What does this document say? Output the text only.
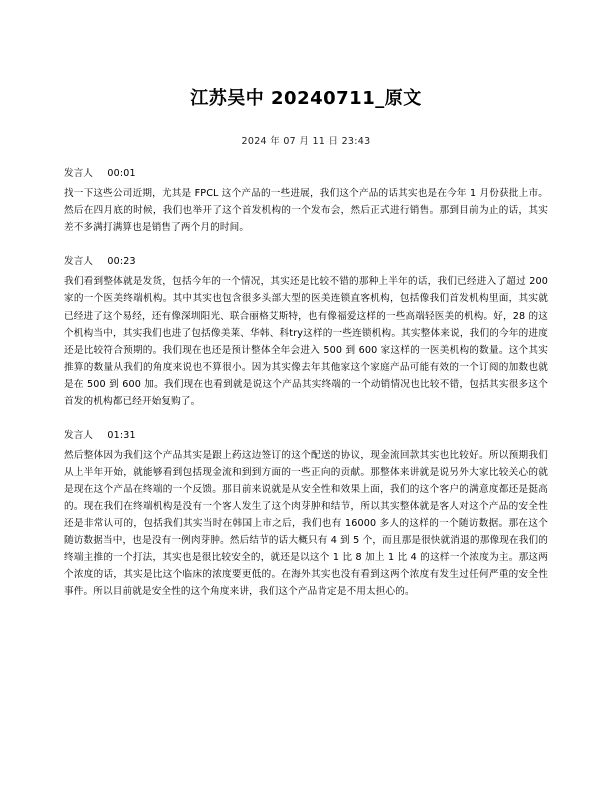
江苏吴中 20240711_原文
2024 年 07 月 11 日 23:43
发言人 00:01
找一下这些公司近期，尤其是 FPCL 这个产品的一些进展，我们这个产品的话其实也是在今年 1 月份获批上市。然后在四月底的时候，我们也举开了这个首发机构的一个发布会，然后正式进行销售。那到目前为止的话，其实差不多满打满算也是销售了两个月的时间。
发言人 00:23
我们看到整体就是发货，包括今年的一个情况，其实还是比较不错的那种上半年的话，我们已经进入了超过 200 家的一个医美终端机构。其中其实也包含很多头部大型的医美连锁直客机构，包括像我们首发机构里面，其实就已经进了这个易经，还有像深圳阳光、联合丽格艾斯特，也有像福爱这样的一些高端轻医美的机构。好，28 的这个机构当中，其实我们也进了包括像美莱、华韩、科try这样的一些连锁机构。其实整体来说，我们的今年的进度还是比较符合预期的。我们现在也还是预计整体全年会进入 500 到 600 家这样的一医美机构的数量。这个其实推算的数量从我们的角度来说也不算很小。因为其实像去年其他家这个家庭产品可能有效的一个订阅的加数也就是在 500 到 600 加。我们现在也看到就是说这个产品其实终端的一个动销情况也比较不错，包括其实很多这个首发的机构都已经开始复购了。
发言人 01:31
然后整体因为我们这个产品其实是跟上药这边签订的这个配送的协议，现金流回款其实也比较好。所以预期我们从上半年开始，就能够看到包括现金流和到到方面的一些正向的贡献。那整体来讲就是说另外大家比较关心的就是现在这个产品在终端的一个反馈。那目前来说就是从安全性和效果上面，我们的这个客户的满意度都还是挺高的。现在我们在终端机构是没有一个客人发生了这个肉芽肿和结节，所以其实整体就是客人对这个产品的安全性还是非常认可的，包括我们其实当时在韩国上市之后，我们也有 16000 多人的这样的一个随访数据。那在这个随访数据当中，也是没有一例肉芽肿。然后结节的话大概只有 4 到 5 个，而且那是很快就消退的那像现在我们的终端主推的一个打法，其实也是很比较安全的，就还是以这个 1 比 8 加上 1 比 4 的这样一个浓度为主。那这两个浓度的话，其实是比这个临床的浓度要更低的。在海外其实也没有看到这两个浓度有发生过任何严重的安全性事件。所以目前就是安全性的这个角度来讲，我们这个产品肯定是不用太担心的。
